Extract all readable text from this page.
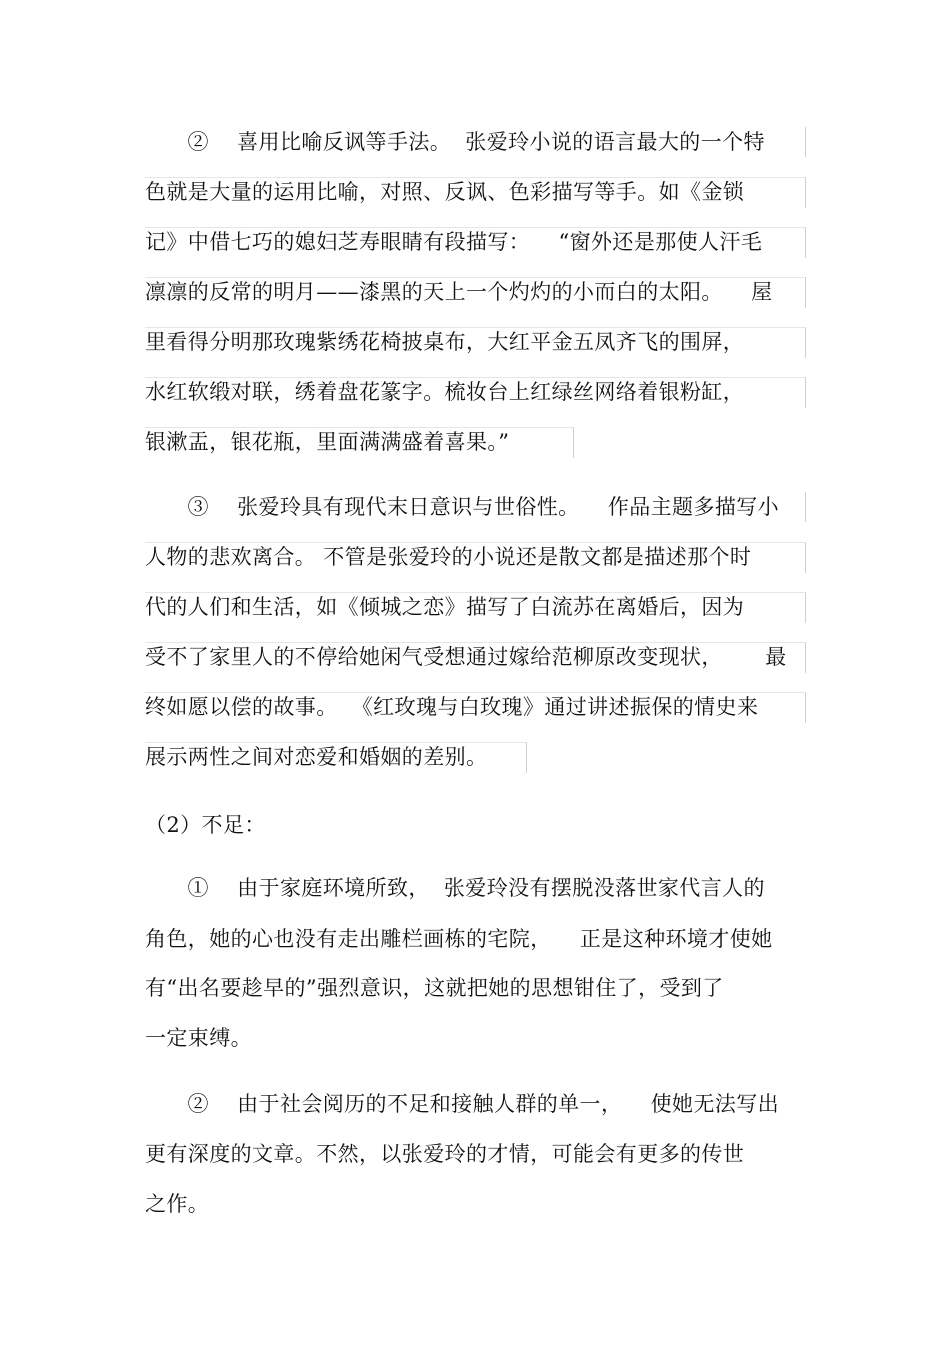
②    喜用比喻反讽等手法。  张爱玲小说的语言最大的一个特
色就是大量的运用比喻，对照、反讽、色彩描写等手。如《金锁
记》中借七巧的媳妇芝寿眼睛有段描写：    “窗外还是那使人汗毛
凛凛的反常的明月——漆黑的天上一个灼灼的小而白的太阳。    屋
里看得分明那玫瑰紫绣花椅披桌布，大红平金五凤齐飞的围屏，
水红软缎对联，绣着盘花篆字。梳妆台上红绿丝网络着银粉缸，
银漱盂，银花瓶，里面满满盛着喜果。”
③    张爱玲具有现代末日意识与世俗性。    作品主题多描写小
人物的悲欢离合。 不管是张爱玲的小说还是散文都是描述那个时
代的人们和生活，如《倾城之恋》描写了白流苏在离婚后，因为
受不了家里人的不停给她闲气受想通过嫁给范柳原改变现状，      最
终如愿以偿的故事。  《红玫瑰与白玫瑰》通过讲述振保的情史来
展示两性之间对恋爱和婚姻的差别。
（2）不足：
①    由于家庭环境所致，  张爱玲没有摆脱没落世家代言人的
角色，她的心也没有走出雕栏画栋的宅院，    正是这种环境才使她
有“出名要趁早的”强烈意识，这就把她的思想钳住了，受到了
一定束缚。
②    由于社会阅历的不足和接触人群的单一，    使她无法写出
更有深度的文章。不然，以张爱玲的才情，可能会有更多的传世
之作。
